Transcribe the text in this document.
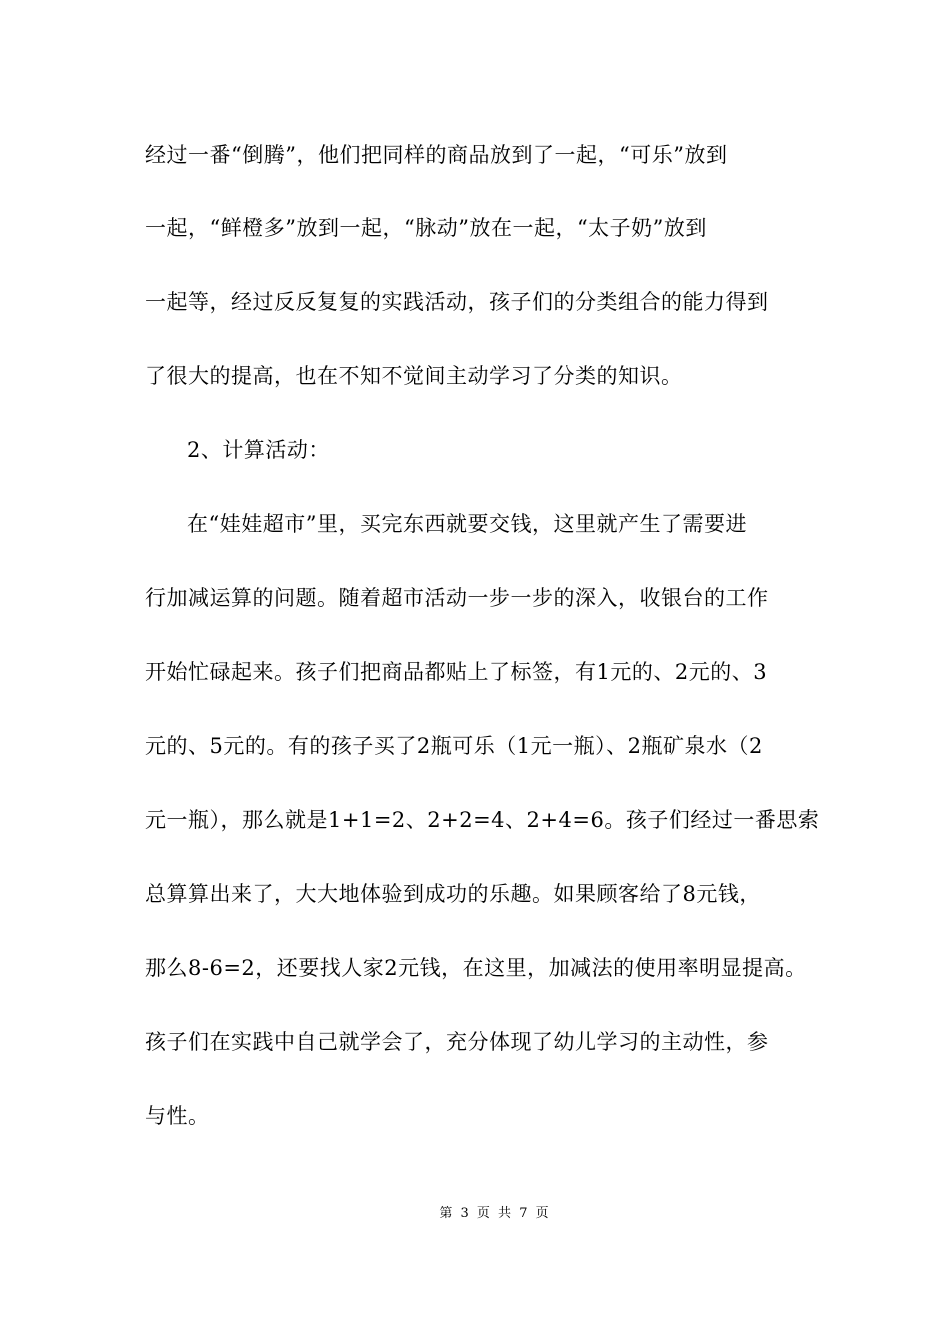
经过一番“倒腾”，他们把同样的商品放到了一起，“可乐”放到
一起，“鲜橙多”放到一起，“脉动”放在一起，“太子奶”放到
一起等，经过反反复复的实践活动，孩子们的分类组合的能力得到
了很大的提高，也在不知不觉间主动学习了分类的知识。
2、计算活动：
在“娃娃超市”里，买完东西就要交钱，这里就产生了需要进
行加减运算的问题。随着超市活动一步一步的深入，收银台的工作
开始忙碌起来。孩子们把商品都贴上了标签，有1元的、2元的、3
元的、5元的。有的孩子买了2瓶可乐（1元一瓶）、2瓶矿泉水（2
元一瓶），那么就是1+1=2、2+2=4、2+4=6。孩子们经过一番思索
总算算出来了，大大地体验到成功的乐趣。如果顾客给了8元钱，
那么8-6=2，还要找人家2元钱，在这里，加减法的使用率明显提高。
孩子们在实践中自己就学会了，充分体现了幼儿学习的主动性，参
与性。
第 3 页 共 7 页
